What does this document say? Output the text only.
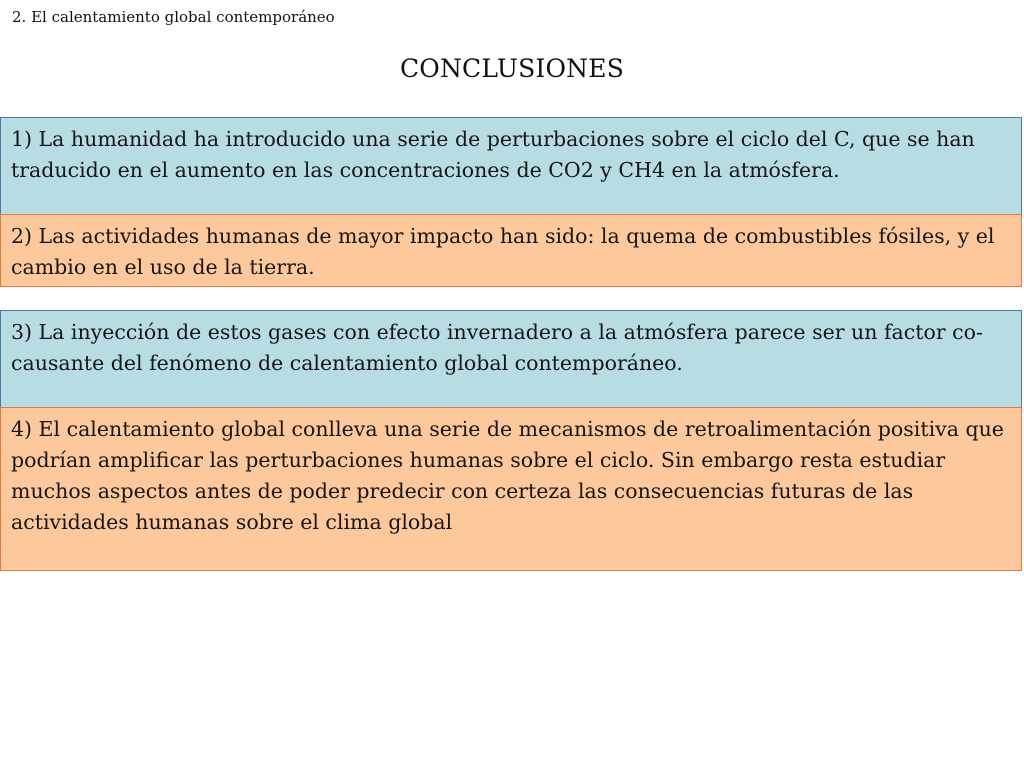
2. El calentamiento global contemporáneo
CONCLUSIONES
1) La humanidad ha introducido una serie de perturbaciones sobre el ciclo del C, que se han traducido en el aumento en las concentraciones de CO2 y CH4 en la atmósfera.
2) Las actividades humanas de mayor impacto han sido: la quema de combustibles fósiles, y el cambio en el uso de la tierra.
3) La inyección de estos gases con efecto invernadero a la atmósfera parece ser un factor co-causante del fenómeno de calentamiento global contemporáneo.
4) El calentamiento global conlleva una serie de mecanismos de retroalimentación positiva que podrían amplificar las perturbaciones humanas sobre el ciclo. Sin embargo resta estudiar muchos aspectos antes de poder predecir con certeza las consecuencias futuras de las actividades humanas sobre el clima global
